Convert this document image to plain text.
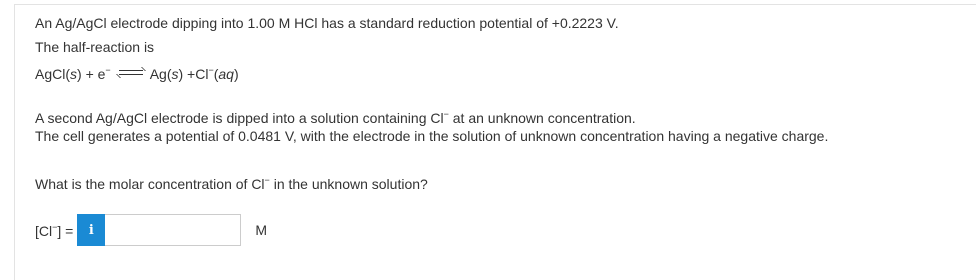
An Ag/AgCl electrode dipping into 1.00 M HCl has a standard reduction potential of +0.2223 V.
The half-reaction is
AgCl(s) + e−	Ag(s) +Cl−(aq)
A second Ag/AgCl electrode is dipped into a solution containing Cl− at an unknown concentration.
The cell generates a potential of 0.0481 V, with the electrode in the solution of unknown concentration having a negative charge.
What is the molar concentration of Cl− in the unknown solution?
[Cl−] =	i	M
